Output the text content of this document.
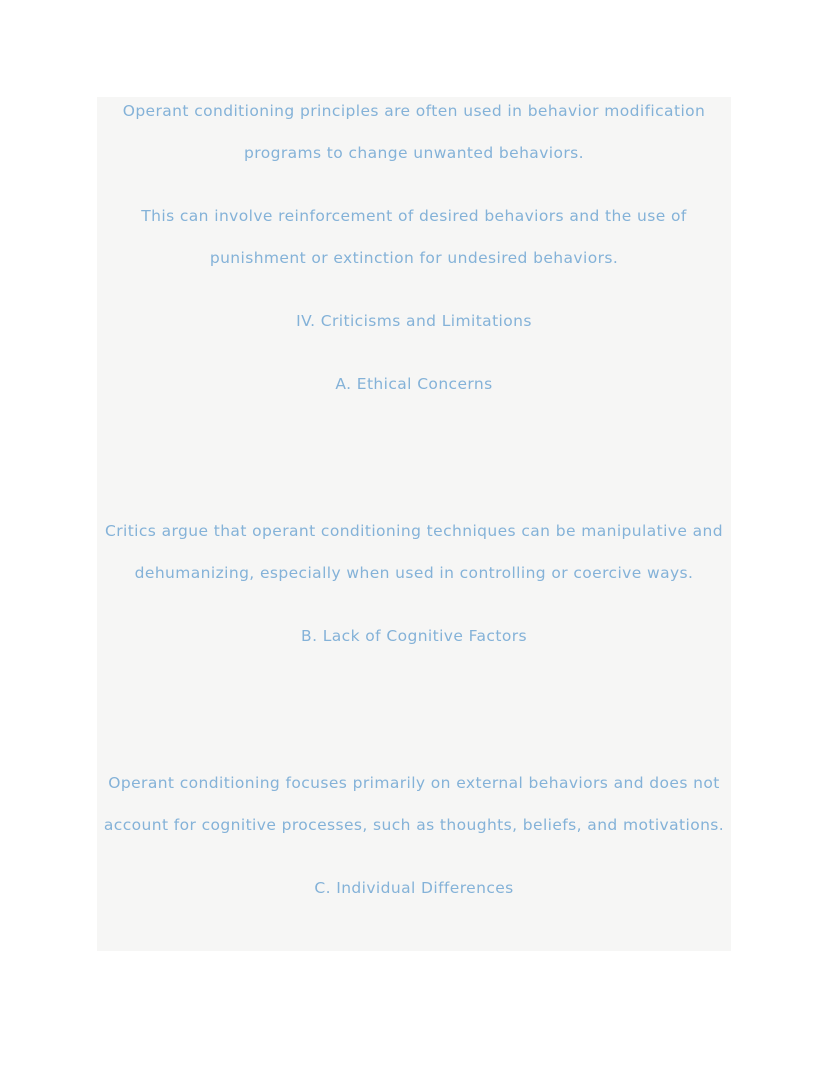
Operant conditioning principles are often used in behavior modification programs to change unwanted behaviors.

This can involve reinforcement of desired behaviors and the use of punishment or extinction for undesired behaviors.

IV. Criticisms and Limitations

A. Ethical Concerns

Critics argue that operant conditioning techniques can be manipulative and dehumanizing, especially when used in controlling or coercive ways.

B. Lack of Cognitive Factors

Operant conditioning focuses primarily on external behaviors and does not account for cognitive processes, such as thoughts, beliefs, and motivations.

C. Individual Differences
